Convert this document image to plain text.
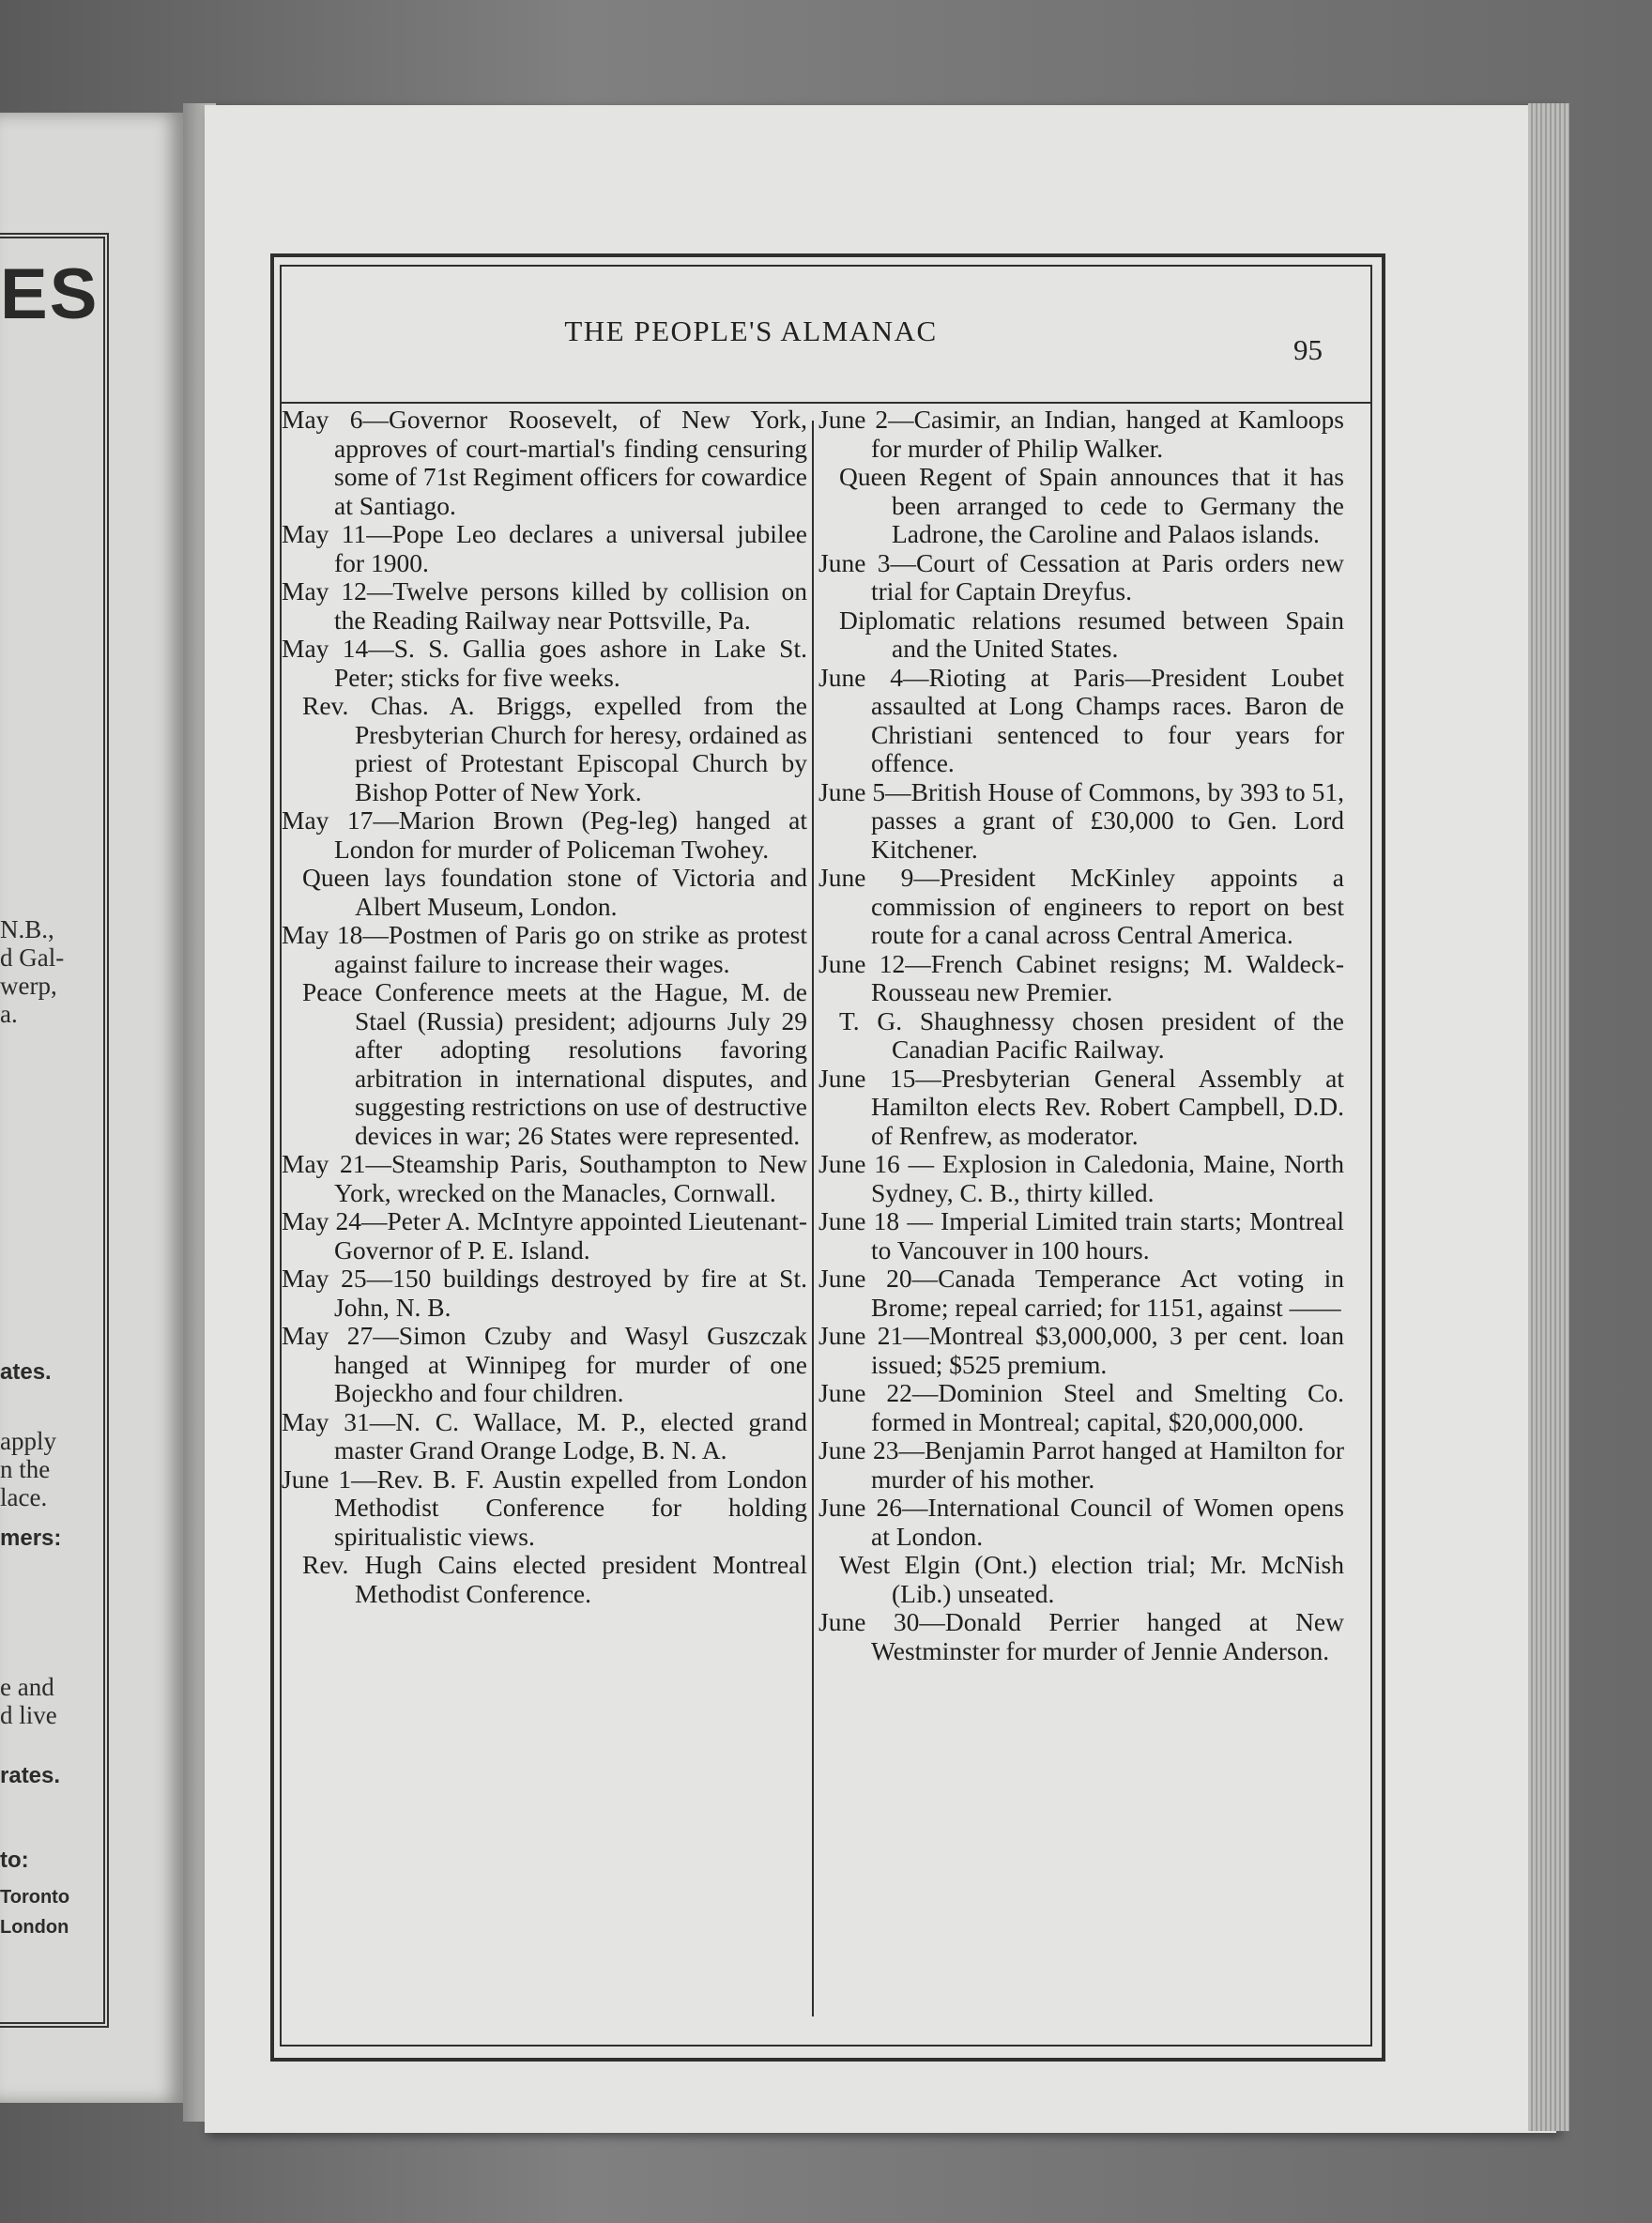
ES
N.B.,
d Gal-
werp,
a.
ates.
apply
n the
lace.
mers:
e and
d live
rates.
to:
Toronto
London
THE PEOPLE'S ALMANAC
95

May 6—Governor Roosevelt, of New York, approves of court-martial's finding censuring some of 71st Regiment officers for cowardice at Santiago.

May 11—Pope Leo declares a universal jubilee for 1900.

May 12—Twelve persons killed by collision on the Reading Railway near Pottsville, Pa.

May 14—S. S. Gallia goes ashore in Lake St. Peter; sticks for five weeks.

Rev. Chas. A. Briggs, expelled from the Presbyterian Church for heresy, ordained as priest of Protestant Episcopal Church by Bishop Potter of New York.

May 17—Marion Brown (Peg-leg) hanged at London for murder of Policeman Twohey.

Queen lays foundation stone of Victoria and Albert Museum, London.

May 18—Postmen of Paris go on strike as protest against failure to increase their wages.

Peace Conference meets at the Hague, M. de Stael (Russia) president; adjourns July 29 after adopting resolutions favoring arbitration in international disputes, and suggesting restrictions on use of destructive devices in war; 26 States were represented.

May 21—Steamship Paris, Southampton to New York, wrecked on the Manacles, Cornwall.

May 24—Peter A. McIntyre appointed Lieutenant-Governor of P. E. Island.

May 25—150 buildings destroyed by fire at St. John, N. B.

May 27—Simon Czuby and Wasyl Guszczak hanged at Winnipeg for murder of one Bojeckho and four children.

May 31—N. C. Wallace, M. P., elected grand master Grand Orange Lodge, B. N. A.

June 1—Rev. B. F. Austin expelled from London Methodist Conference for holding spiritualistic views.

Rev. Hugh Cains elected president Montreal Methodist Conference.

June 2—Casimir, an Indian, hanged at Kamloops for murder of Philip Walker.

Queen Regent of Spain announces that it has been arranged to cede to Germany the Ladrone, the Caroline and Palaos islands.

June 3—Court of Cessation at Paris orders new trial for Captain Dreyfus.

Diplomatic relations resumed between Spain and the United States.

June 4—Rioting at Paris—President Loubet assaulted at Long Champs races. Baron de Christiani sentenced to four years for offence.

June 5—British House of Commons, by 393 to 51, passes a grant of £30,000 to Gen. Lord Kitchener.

June 9—President McKinley appoints a commission of engineers to report on best route for a canal across Central America.

June 12—French Cabinet resigns; M. Waldeck-Rousseau new Premier.

T. G. Shaughnessy chosen president of the Canadian Pacific Railway.

June 15—Presbyterian General Assembly at Hamilton elects Rev. Robert Campbell, D.D. of Renfrew, as moderator.

June 16 — Explosion in Caledonia, Maine, North Sydney, C. B., thirty killed.

June 18 — Imperial Limited train starts; Montreal to Vancouver in 100 hours.

June 20—Canada Temperance Act voting in Brome; repeal carried; for 1151, against ——

June 21—Montreal $3,000,000, 3 per cent. loan issued; $525 premium.

June 22—Dominion Steel and Smelting Co. formed in Montreal; capital, $20,000,000.

June 23—Benjamin Parrot hanged at Hamilton for murder of his mother.

June 26—International Council of Women opens at London.

West Elgin (Ont.) election trial; Mr. McNish (Lib.) unseated.

June 30—Donald Perrier hanged at New Westminster for murder of Jennie Anderson.
